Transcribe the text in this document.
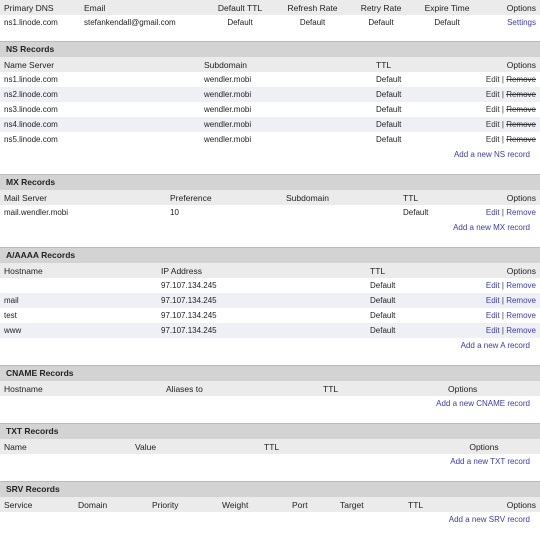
Primary DNS	Email	Default TTL	Refresh Rate	Retry Rate	Expire Time	Options
ns1.linode.com	stefankendall@gmail.com	Default	Default	Default	Default	Settings
NS Records
Name Server	Subdomain	TTL	Options
ns1.linode.com	wendler.mobi	Default	Edit | Remove
ns2.linode.com	wendler.mobi	Default	Edit | Remove
ns3.linode.com	wendler.mobi	Default	Edit | Remove
ns4.linode.com	wendler.mobi	Default	Edit | Remove
ns5.linode.com	wendler.mobi	Default	Edit | Remove
Add a new NS record
MX Records
Mail Server	Preference	Subdomain	TTL	Options
mail.wendler.mobi	10		Default	Edit | Remove
Add a new MX record
A/AAAA Records
Hostname	IP Address	TTL	Options
	97.107.134.245	Default	Edit | Remove
mail	97.107.134.245	Default	Edit | Remove
test	97.107.134.245	Default	Edit | Remove
www	97.107.134.245	Default	Edit | Remove
Add a new A record
CNAME Records
Hostname	Aliases to	TTL	Options
Add a new CNAME record
TXT Records
Name	Value	TTL	Options
Add a new TXT record
SRV Records
Service	Domain	Priority	Weight	Port	Target	TTL	Options
Add a new SRV record
